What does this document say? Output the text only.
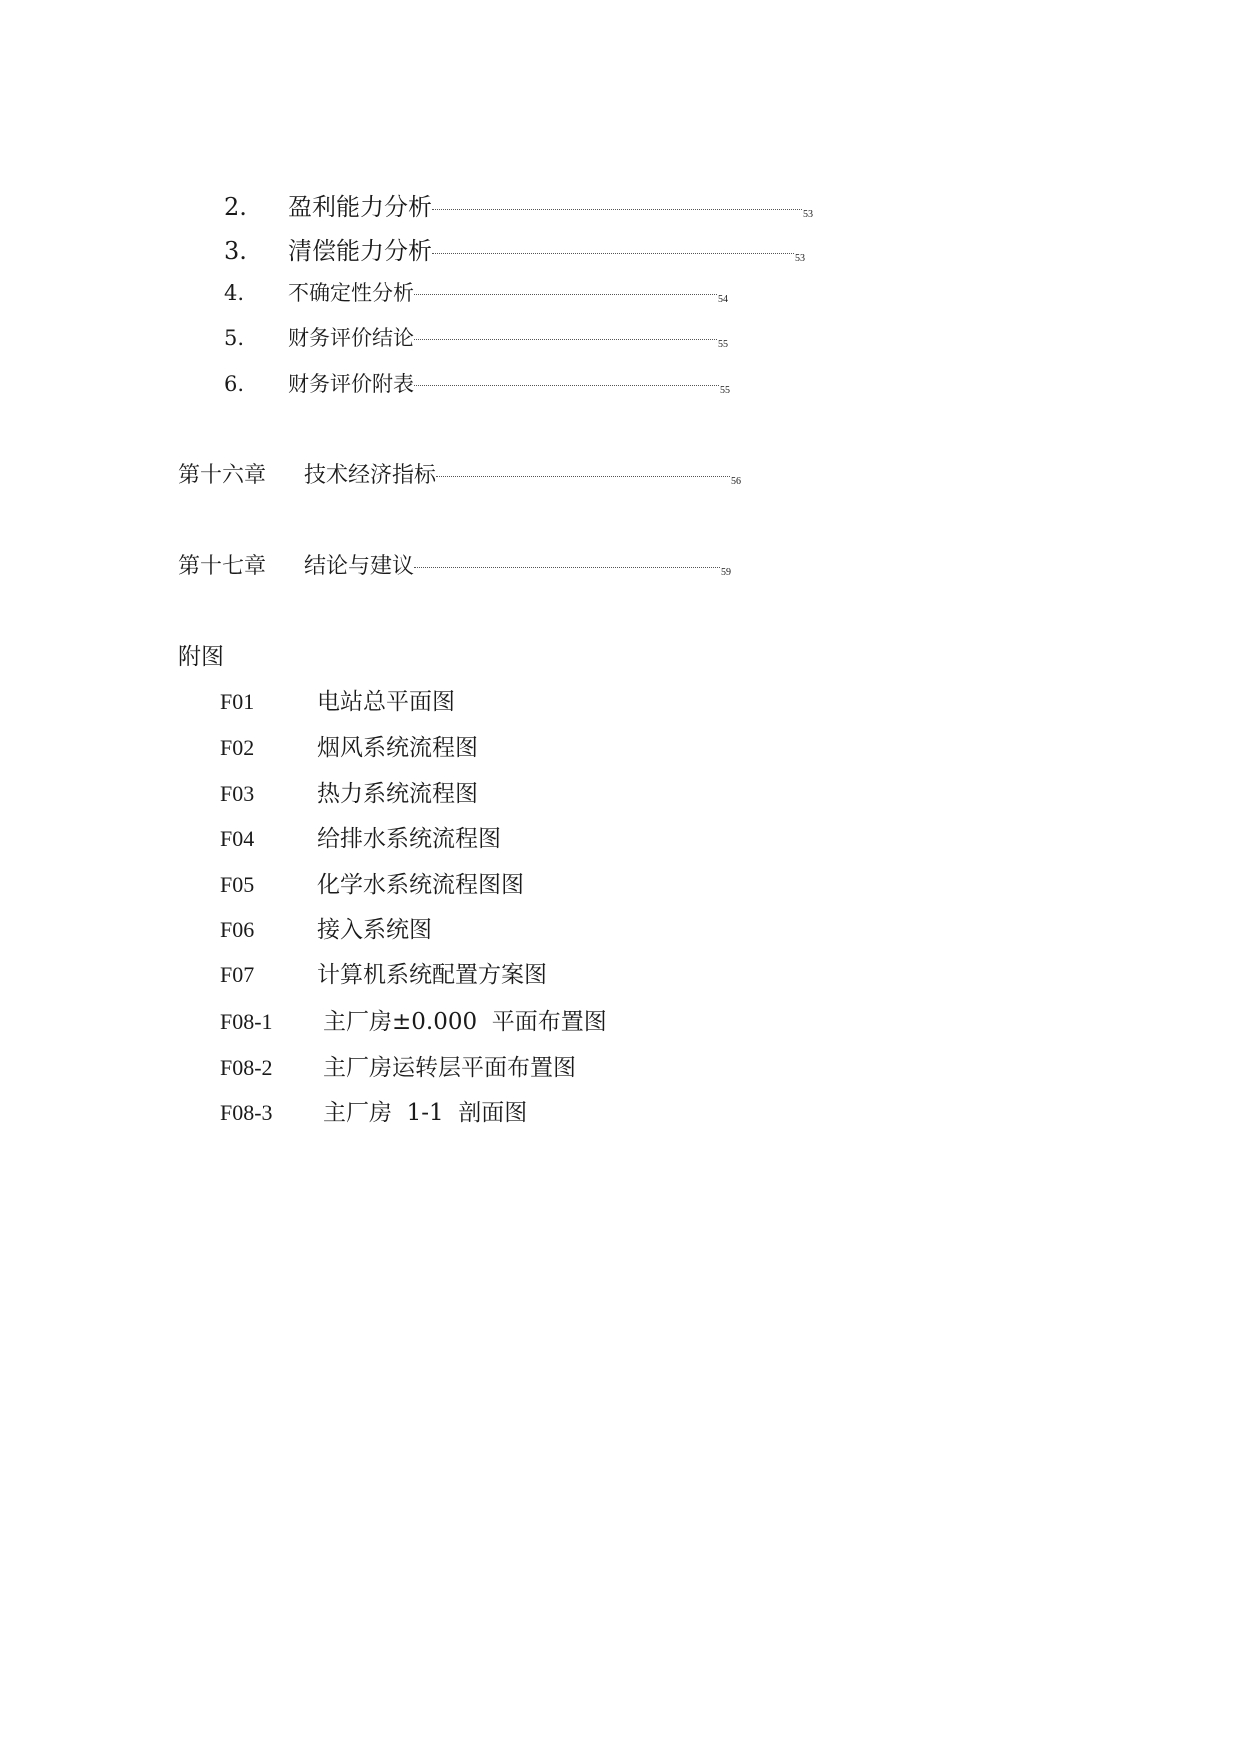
2.	盈利能力分析	53
3.	清偿能力分析	53
4.	不确定性分析	54
5.	财务评价结论	55
6.	财务评价附表	55
第十六章	技术经济指标	56
第十七章	结论与建议	59
附图
F01	电站总平面图
F02	烟风系统流程图
F03	热力系统流程图
F04	给排水系统流程图
F05	化学水系统流程图图
F06	接入系统图
F07	计算机系统配置方案图
F08-1	主厂房±0.000  平面布置图
F08-2	主厂房运转层平面布置图
F08-3	主厂房  1-1  剖面图
